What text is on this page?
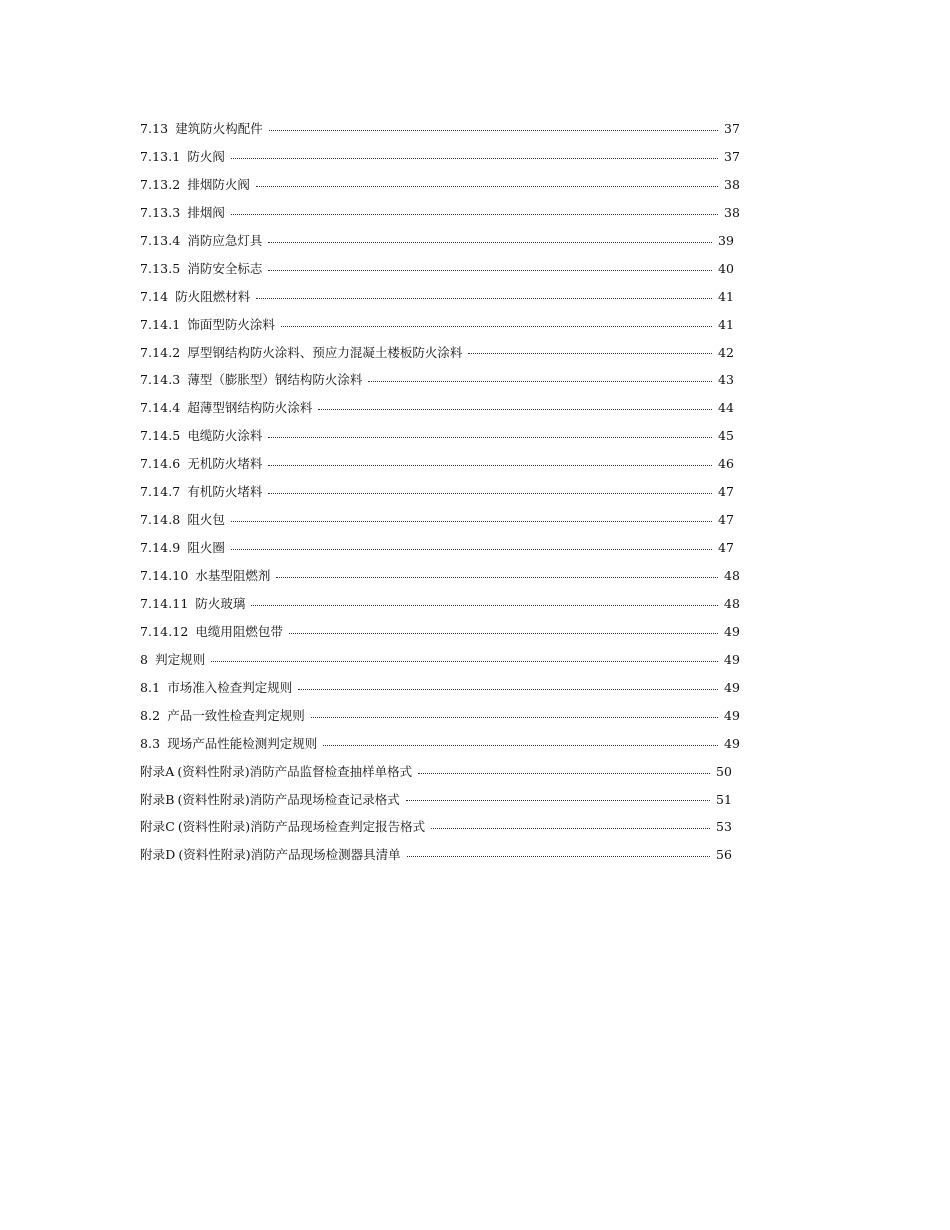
7.13 建筑防火构配件	37
7.13.1 防火阀	37
7.13.2 排烟防火阀	38
7.13.3 排烟阀	38
7.13.4 消防应急灯具	39
7.13.5 消防安全标志	40
7.14 防火阻燃材料	41
7.14.1 饰面型防火涂料	41
7.14.2 厚型钢结构防火涂料、预应力混凝土楼板防火涂料	42
7.14.3 薄型（膨胀型）钢结构防火涂料	43
7.14.4 超薄型钢结构防火涂料	44
7.14.5 电缆防火涂料	45
7.14.6 无机防火堵料	46
7.14.7 有机防火堵料	47
7.14.8 阻火包	47
7.14.9 阻火圈	47
7.14.10 水基型阻燃剂	48
7.14.11 防火玻璃	48
7.14.12 电缆用阻燃包带	49
8 判定规则	49
8.1 市场准入检查判定规则	49
8.2 产品一致性检查判定规则	49
8.3 现场产品性能检测判定规则	49
附录A (资料性附录)消防产品监督检查抽样单格式	50
附录B (资料性附录)消防产品现场检查记录格式	51
附录C (资料性附录)消防产品现场检查判定报告格式	53
附录D (资料性附录)消防产品现场检测器具清单	56
